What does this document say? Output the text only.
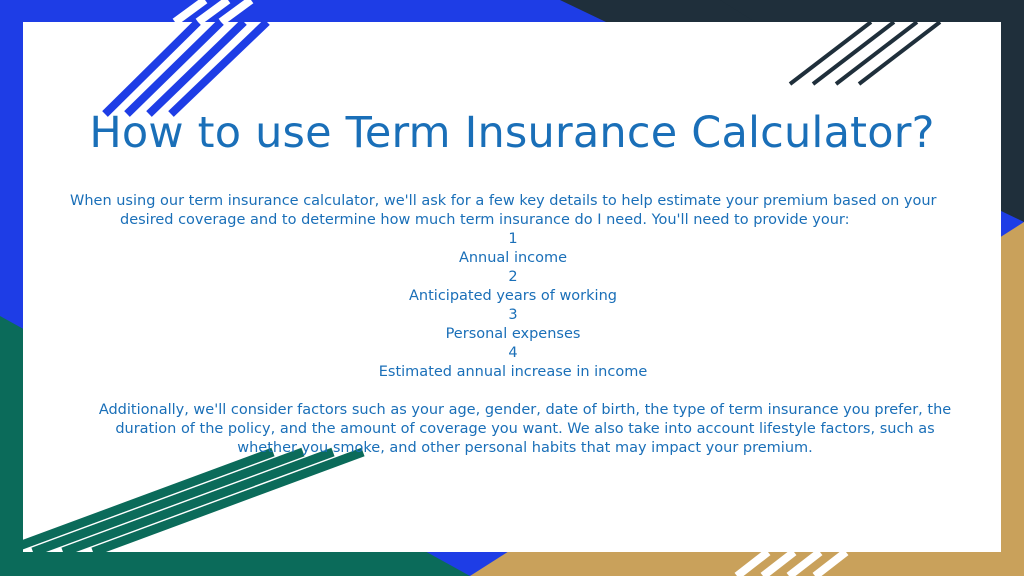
How to use Term Insurance Calculator?

When using our term insurance calculator, we'll ask for a few key details to help estimate your premium based on your desired coverage and to determine how much term insurance do I need. You'll need to provide your:

1
Annual income
2
Anticipated years of working
3
Personal expenses
4
Estimated annual increase in income

Additionally, we'll consider factors such as your age, gender, date of birth, the type of term insurance you prefer, the duration of the policy, and the amount of coverage you want. We also take into account lifestyle factors, such as whether you smoke, and other personal habits that may impact your premium.
